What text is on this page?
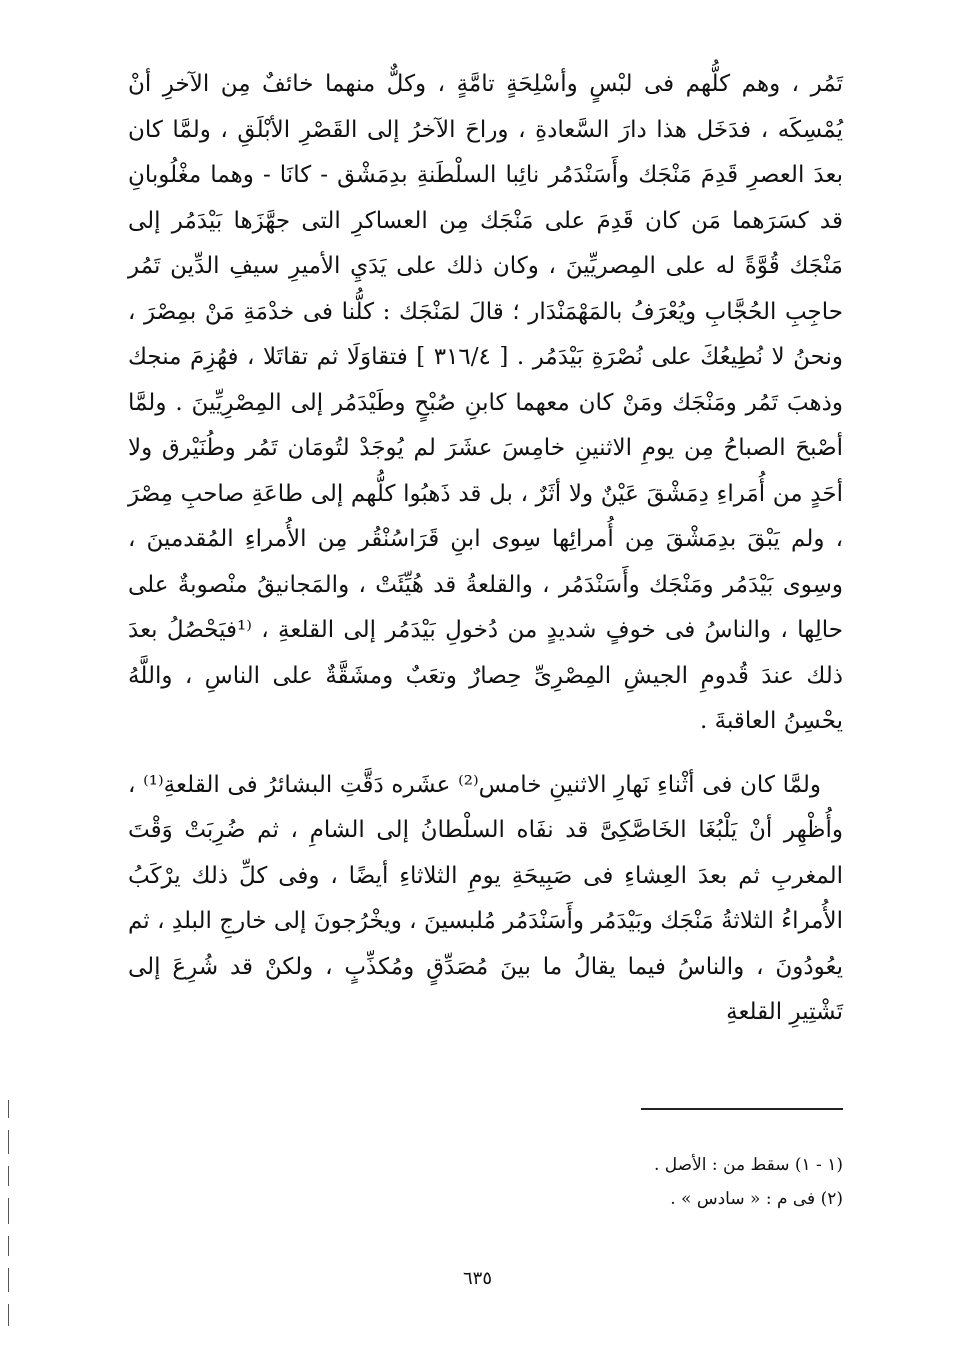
تَمُر ، وهم كلُّهم فى لبْسٍ وأسْلِحَةٍ تامَّةٍ ، وكلٌّ منهما خائفٌ مِن الآخرِ أنْ يُمْسِكَه ، فدَخَل هذا دارَ السَّعادةِ ، وراحَ الآخرُ إلى القَصْرِ الأبْلَقِ ، ولمَّا كان بعدَ العصرِ قَدِمَ مَنْجَك وأَسَنْدَمُر نائِبا السلْطَنةِ بدِمَشْق - كانَا - وهما مغْلُوبانِ قد كسَرَهما مَن كان قَدِمَ على مَنْجَك مِن العساكرِ التى جهَّزَها بَيْدَمُر إلى مَنْجَك قُوَّةً له على المِصريِّينَ ، وكان ذلك على يَدَيِ الأميرِ سيفِ الدِّين تَمُر حاجِبِ الحُجَّابِ ويُعْرَفُ بالمَهْمَنْدَار ؛ قالَ لمَنْجَك : كلُّنا فى خدْمَةِ مَنْ بمِصْرَ ، ونحنُ لا نُطِيعُكَ على نُصْرَةِ بَيْدَمُر . [ ٣١٦/٤ ] فتقاوَلَا ثم تقاتَلا ، فهُزِمَ منجك وذهبَ تَمُر ومَنْجَك ومَنْ كان معهما كابنِ صُبْحٍ وطَيْدَمُر إلى المِصْرِيِّينَ . ولمَّا أصْبحَ الصباحُ مِن يومِ الاثنينِ خامِسَ عشَرَ لم يُوجَدْ لتُومَان تَمُر وطُنَيْرق ولا أحَدٍ من أُمَراءِ دِمَشْقَ عَيْنٌ ولا أثَرٌ ، بل قد ذَهبُوا كلُّهم إلى طاعَةِ صاحبِ مِصْرَ ، ولم يَبْقَ بدِمَشْقَ مِن أُمرائِها سِوى ابنِ قَرَاسُنْقُر مِن الأُمراءِ المُقدمينَ ، وسِوى بَيْدَمُر ومَنْجَك وأَسَنْدَمُر ، والقلعةُ قد هُيِّئَتْ ، والمَجانيقُ منْصوبةٌ على حالِها ، والناسُ فى خوفٍ شديدٍ من دُخولِ بَيْدَمُر إلى القلعةِ ، ⁽¹فيَحْصُلُ بعدَ ذلك عندَ قُدومِ الجيشِ المِصْرِىِّ حِصارٌ وتعَبٌ ومشَقَّةٌ على الناسِ ، واللَّهُ يحْسِنُ العاقبةَ .

ولمَّا كان فى أثْناءِ نَهارِ الاثنينِ خامس⁽²⁾ عشَره دَقَّتِ البشائرُ فى القلعةِ⁽¹⁾ ، وأُظْهِر أنْ يَلْبُغَا الخَاصَّكِىَّ قد نفَاه السلْطانُ إلى الشامِ ، ثم ضُرِبَتْ وَقْتَ المغربِ ثم بعدَ العِشاءِ فى صَبِيحَةِ يومِ الثلاثاءِ أيضًا ، وفى كلِّ ذلك يرْكَبُ الأُمراءُ الثلاثةُ مَنْجَك وبَيْدَمُر وأَسَنْدَمُر مُلبسينَ ، ويخْرُجونَ إلى خارجِ البلدِ ، ثم يعُودُونَ ، والناسُ فيما يقالُ ما بينَ مُصَدِّقٍ ومُكذِّبٍ ، ولكنْ قد شُرِعَ إلى تَشْتِيرِ القلعةِ

(١ - ١) سقط من : الأصل .

(٢) فى م : « سادس » .

٦٣٥
